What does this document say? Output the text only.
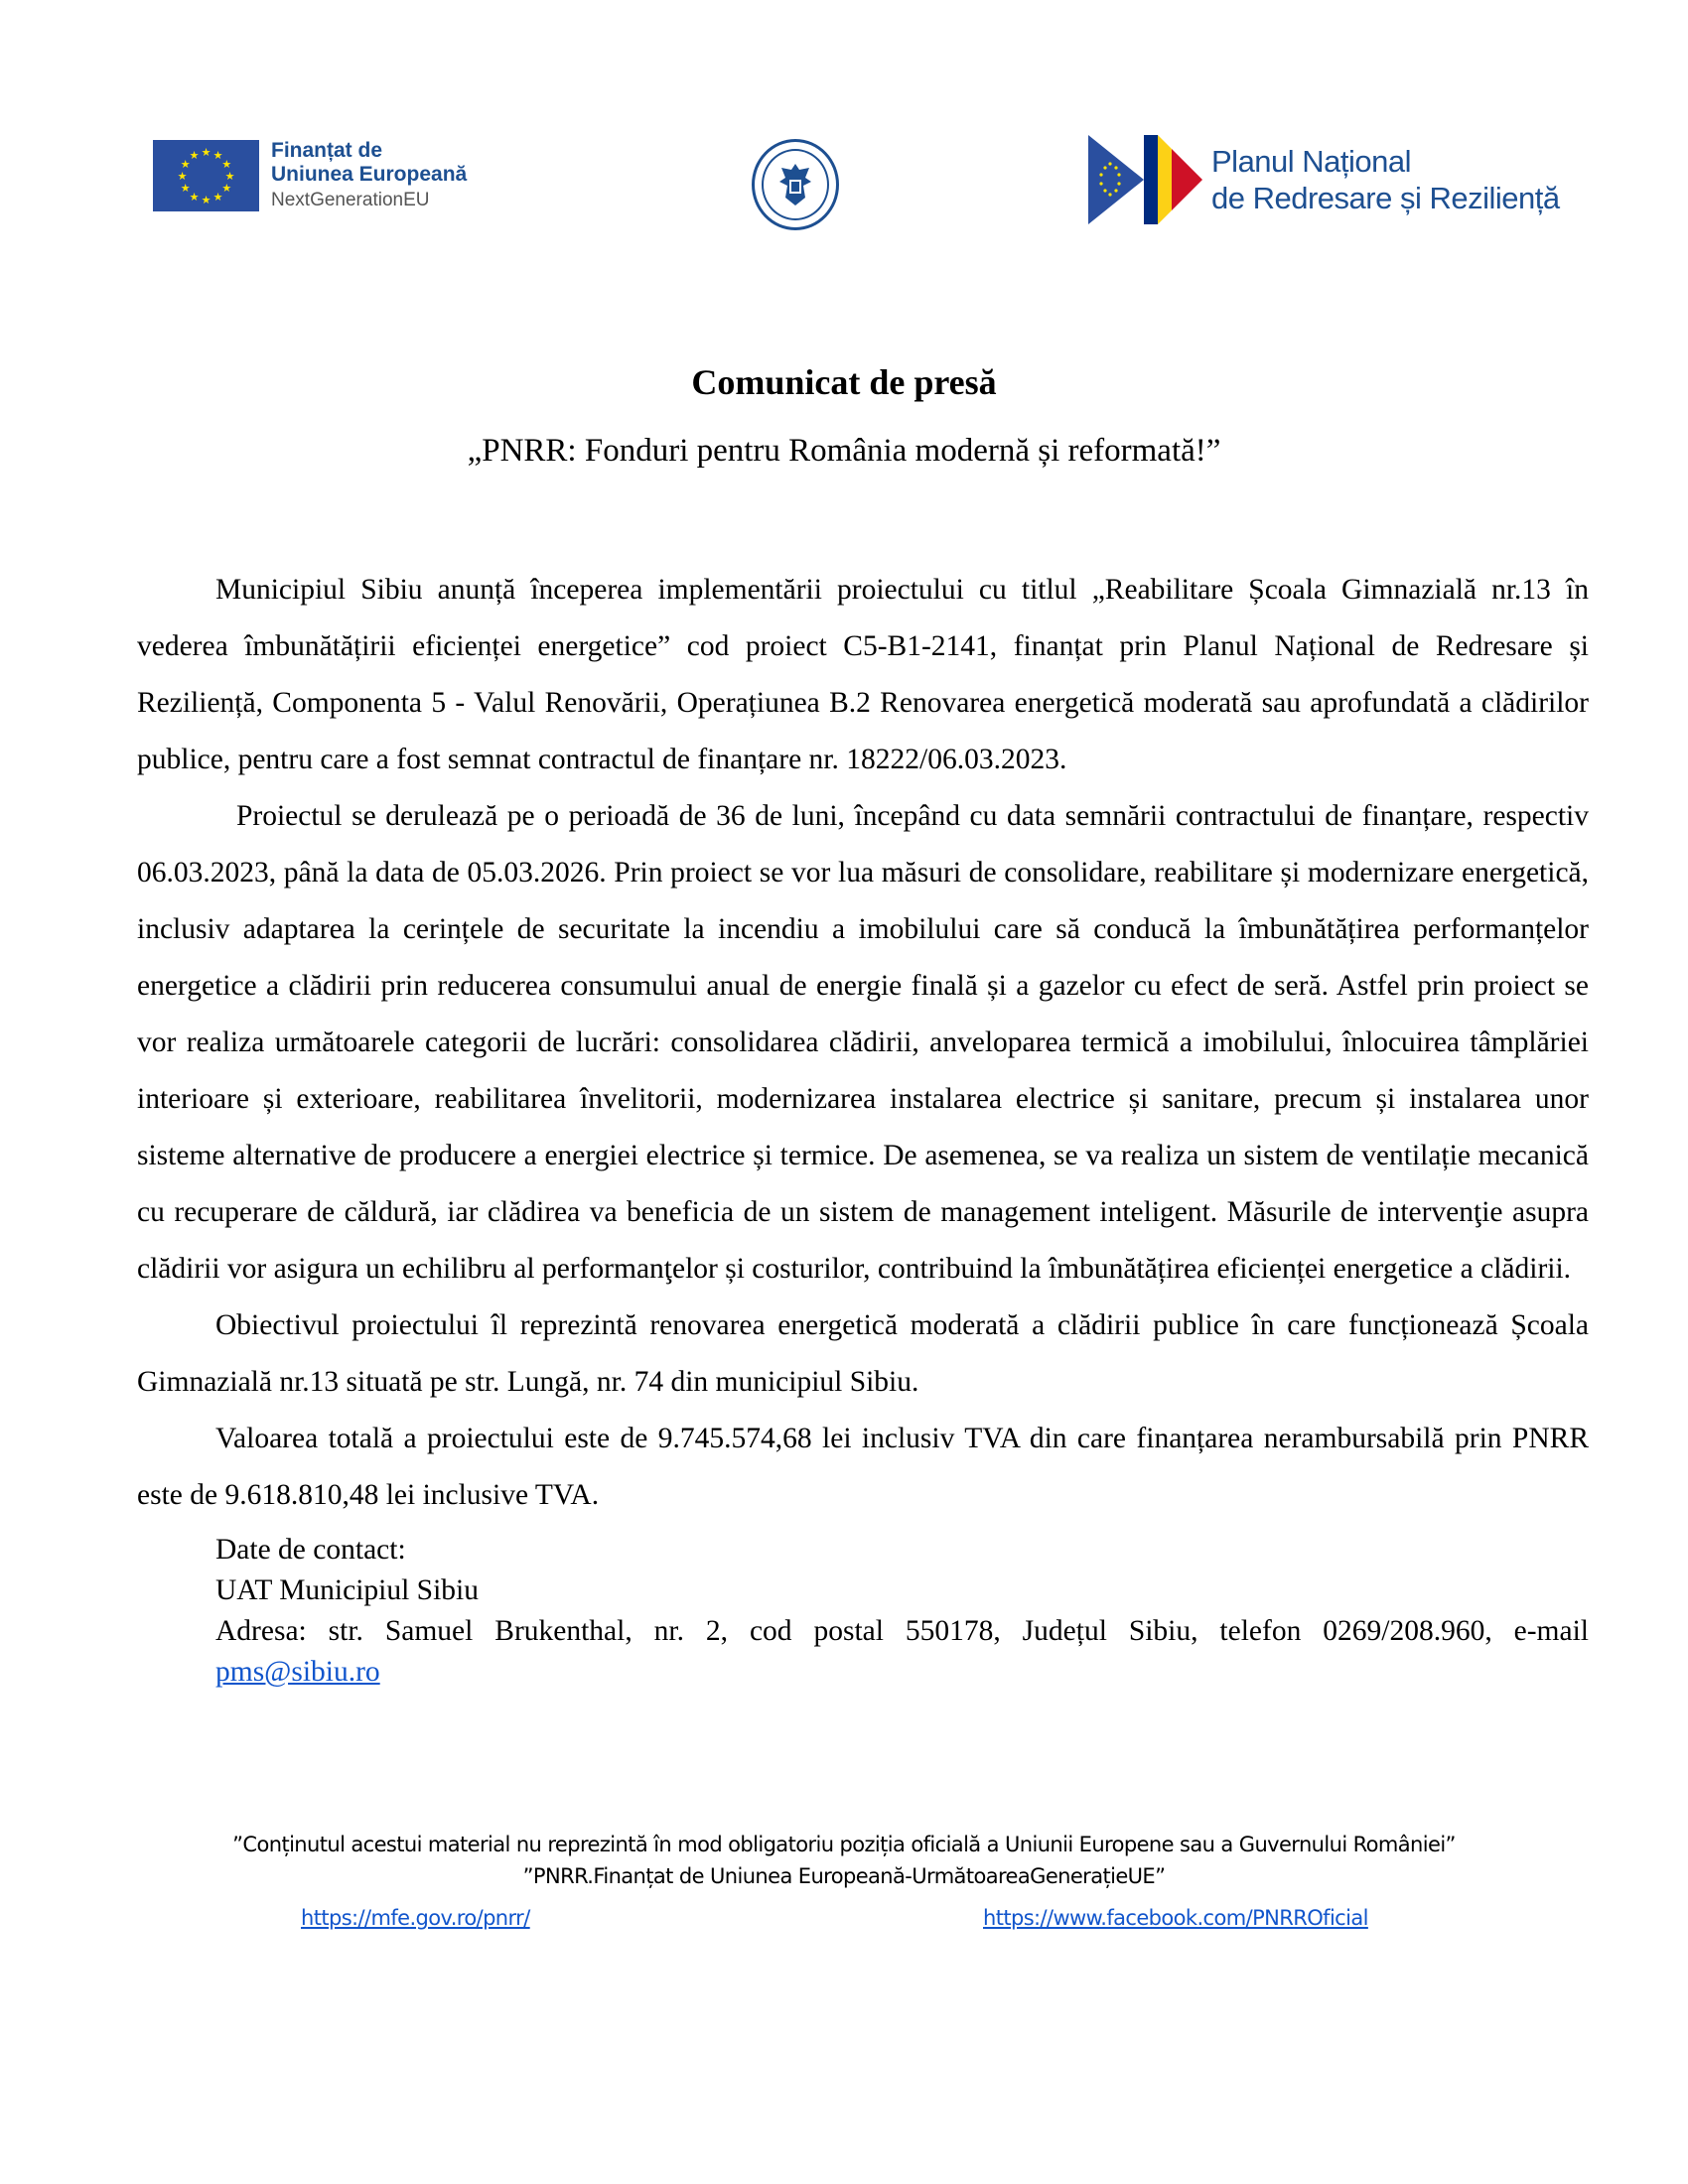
★ ★
★
★
★
★
★
★
★
★
★
★	Finanțat de
Uniunea Europeană
NextGenerationEU
Planul Național
de Redresare și Reziliență
Comunicat de presă
„PNRR: Fonduri pentru România modernă și reformată!”

Municipiul Sibiu anunță începerea implementării proiectului cu titlul „Reabilitare Școala Gimnazială nr.13 în vederea îmbunătățirii eficienței energetice” cod proiect C5-B1-2141, finanțat prin Planul Național de Redresare și Reziliență, Componenta 5 - Valul Renovării, Operațiunea B.2 Renovarea energetică moderată sau aprofundată a clădirilor publice, pentru care a fost semnat contractul de finanțare nr. 18222/06.03.2023.

Proiectul se derulează pe o perioadă de 36 de luni, începând cu data semnării contractului de finanțare, respectiv 06.03.2023, până la data de 05.03.2026. Prin proiect se vor lua măsuri de consolidare, reabilitare și modernizare energetică, inclusiv adaptarea la cerințele de securitate la incendiu a imobilului care să conducă la îmbunătățirea performanțelor energetice a clădirii prin reducerea consumului anual de energie finală și a gazelor cu efect de seră. Astfel prin proiect se vor realiza următoarele categorii de lucrări: consolidarea clădirii, anveloparea termică a imobilului, înlocuirea tâmplăriei interioare și exterioare, reabilitarea învelitorii, modernizarea instalarea electrice și sanitare, precum și instalarea unor sisteme alternative de producere a energiei electrice și termice. De asemenea, se va realiza un sistem de ventilație mecanică cu recuperare de căldură, iar clădirea va beneficia de un sistem de management inteligent. Măsurile de intervenţie asupra clădirii vor asigura un echilibru al performanţelor și costurilor, contribuind la îmbunătățirea eficienței energetice a clădirii.

Obiectivul proiectului îl reprezintă renovarea energetică moderată a clădirii publice în care funcționează Școala Gimnazială nr.13 situată pe str. Lungă, nr. 74 din municipiul Sibiu.

Valoarea totală a proiectului este de 9.745.574,68 lei inclusiv TVA din care finanțarea nerambursabilă prin PNRR este de 9.618.810,48 lei inclusive TVA.

Date de contact:
UAT Municipiul Sibiu
Adresa: str. Samuel Brukenthal, nr. 2, cod postal 550178, Județul Sibiu, telefon 0269/208.960, e-mail
pms@sibiu.ro
”Conținutul acestui material nu reprezintă în mod obligatoriu poziția oficială a Uniunii Europene sau a Guvernului României”
”PNRR.Finanțat de Uniunea Europeană-UrmătoareaGenerațieUE”
https://mfe.gov.ro/pnrr/	https://www.facebook.com/PNRROficial
